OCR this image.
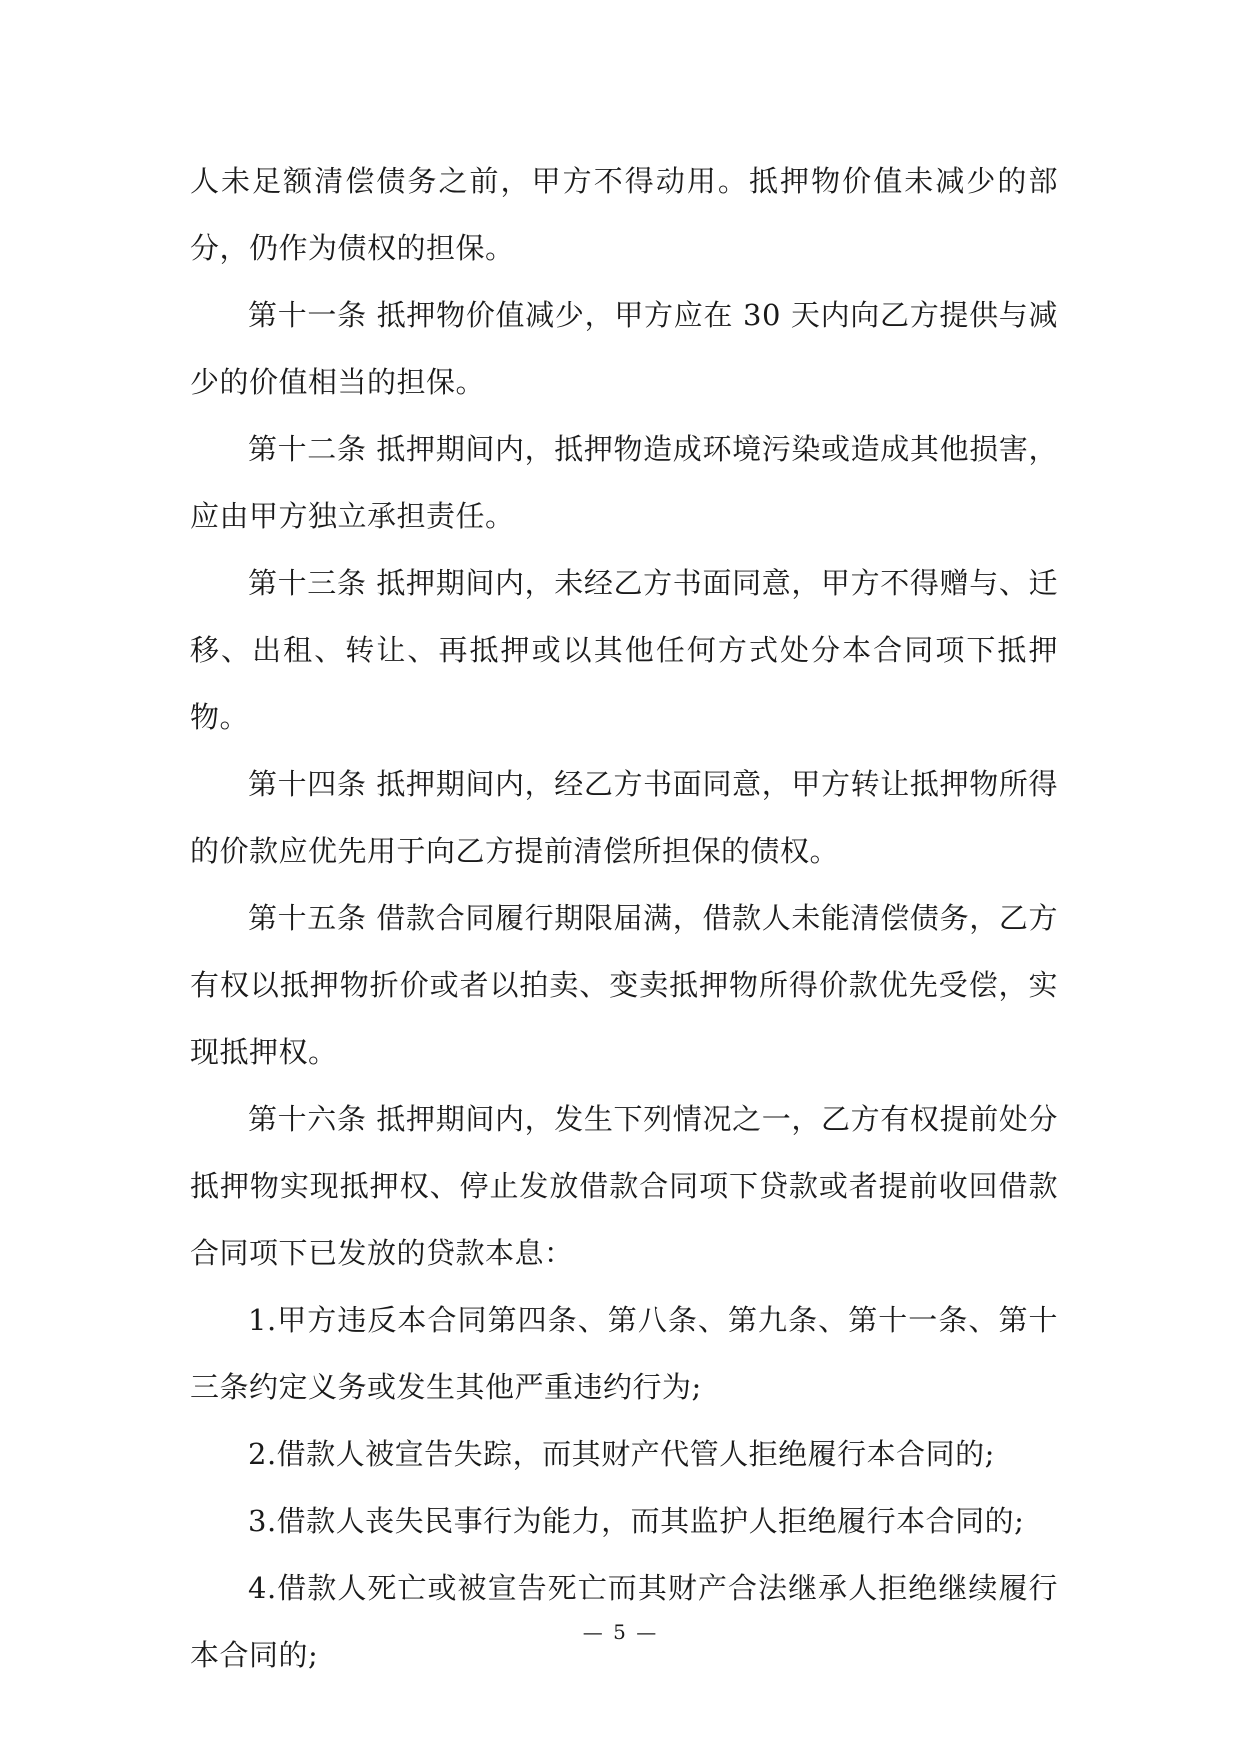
人未足额清偿债务之前，甲方不得动用。抵押物价值未减少的部分，仍作为债权的担保。

第十一条 抵押物价值减少，甲方应在 30 天内向乙方提供与减少的价值相当的担保。

第十二条 抵押期间内，抵押物造成环境污染或造成其他损害，应由甲方独立承担责任。

第十三条 抵押期间内，未经乙方书面同意，甲方不得赠与、迁移、出租、转让、再抵押或以其他任何方式处分本合同项下抵押物。

第十四条 抵押期间内，经乙方书面同意，甲方转让抵押物所得的价款应优先用于向乙方提前清偿所担保的债权。

第十五条 借款合同履行期限届满，借款人未能清偿债务，乙方有权以抵押物折价或者以拍卖、变卖抵押物所得价款优先受偿，实现抵押权。

第十六条 抵押期间内，发生下列情况之一，乙方有权提前处分抵押物实现抵押权、停止发放借款合同项下贷款或者提前收回借款合同项下已发放的贷款本息：

1.甲方违反本合同第四条、第八条、第九条、第十一条、第十三条约定义务或发生其他严重违约行为;

2.借款人被宣告失踪，而其财产代管人拒绝履行本合同的;

3.借款人丧失民事行为能力，而其监护人拒绝履行本合同的;

4.借款人死亡或被宣告死亡而其财产合法继承人拒绝继续履行本合同的;

— 5 —
